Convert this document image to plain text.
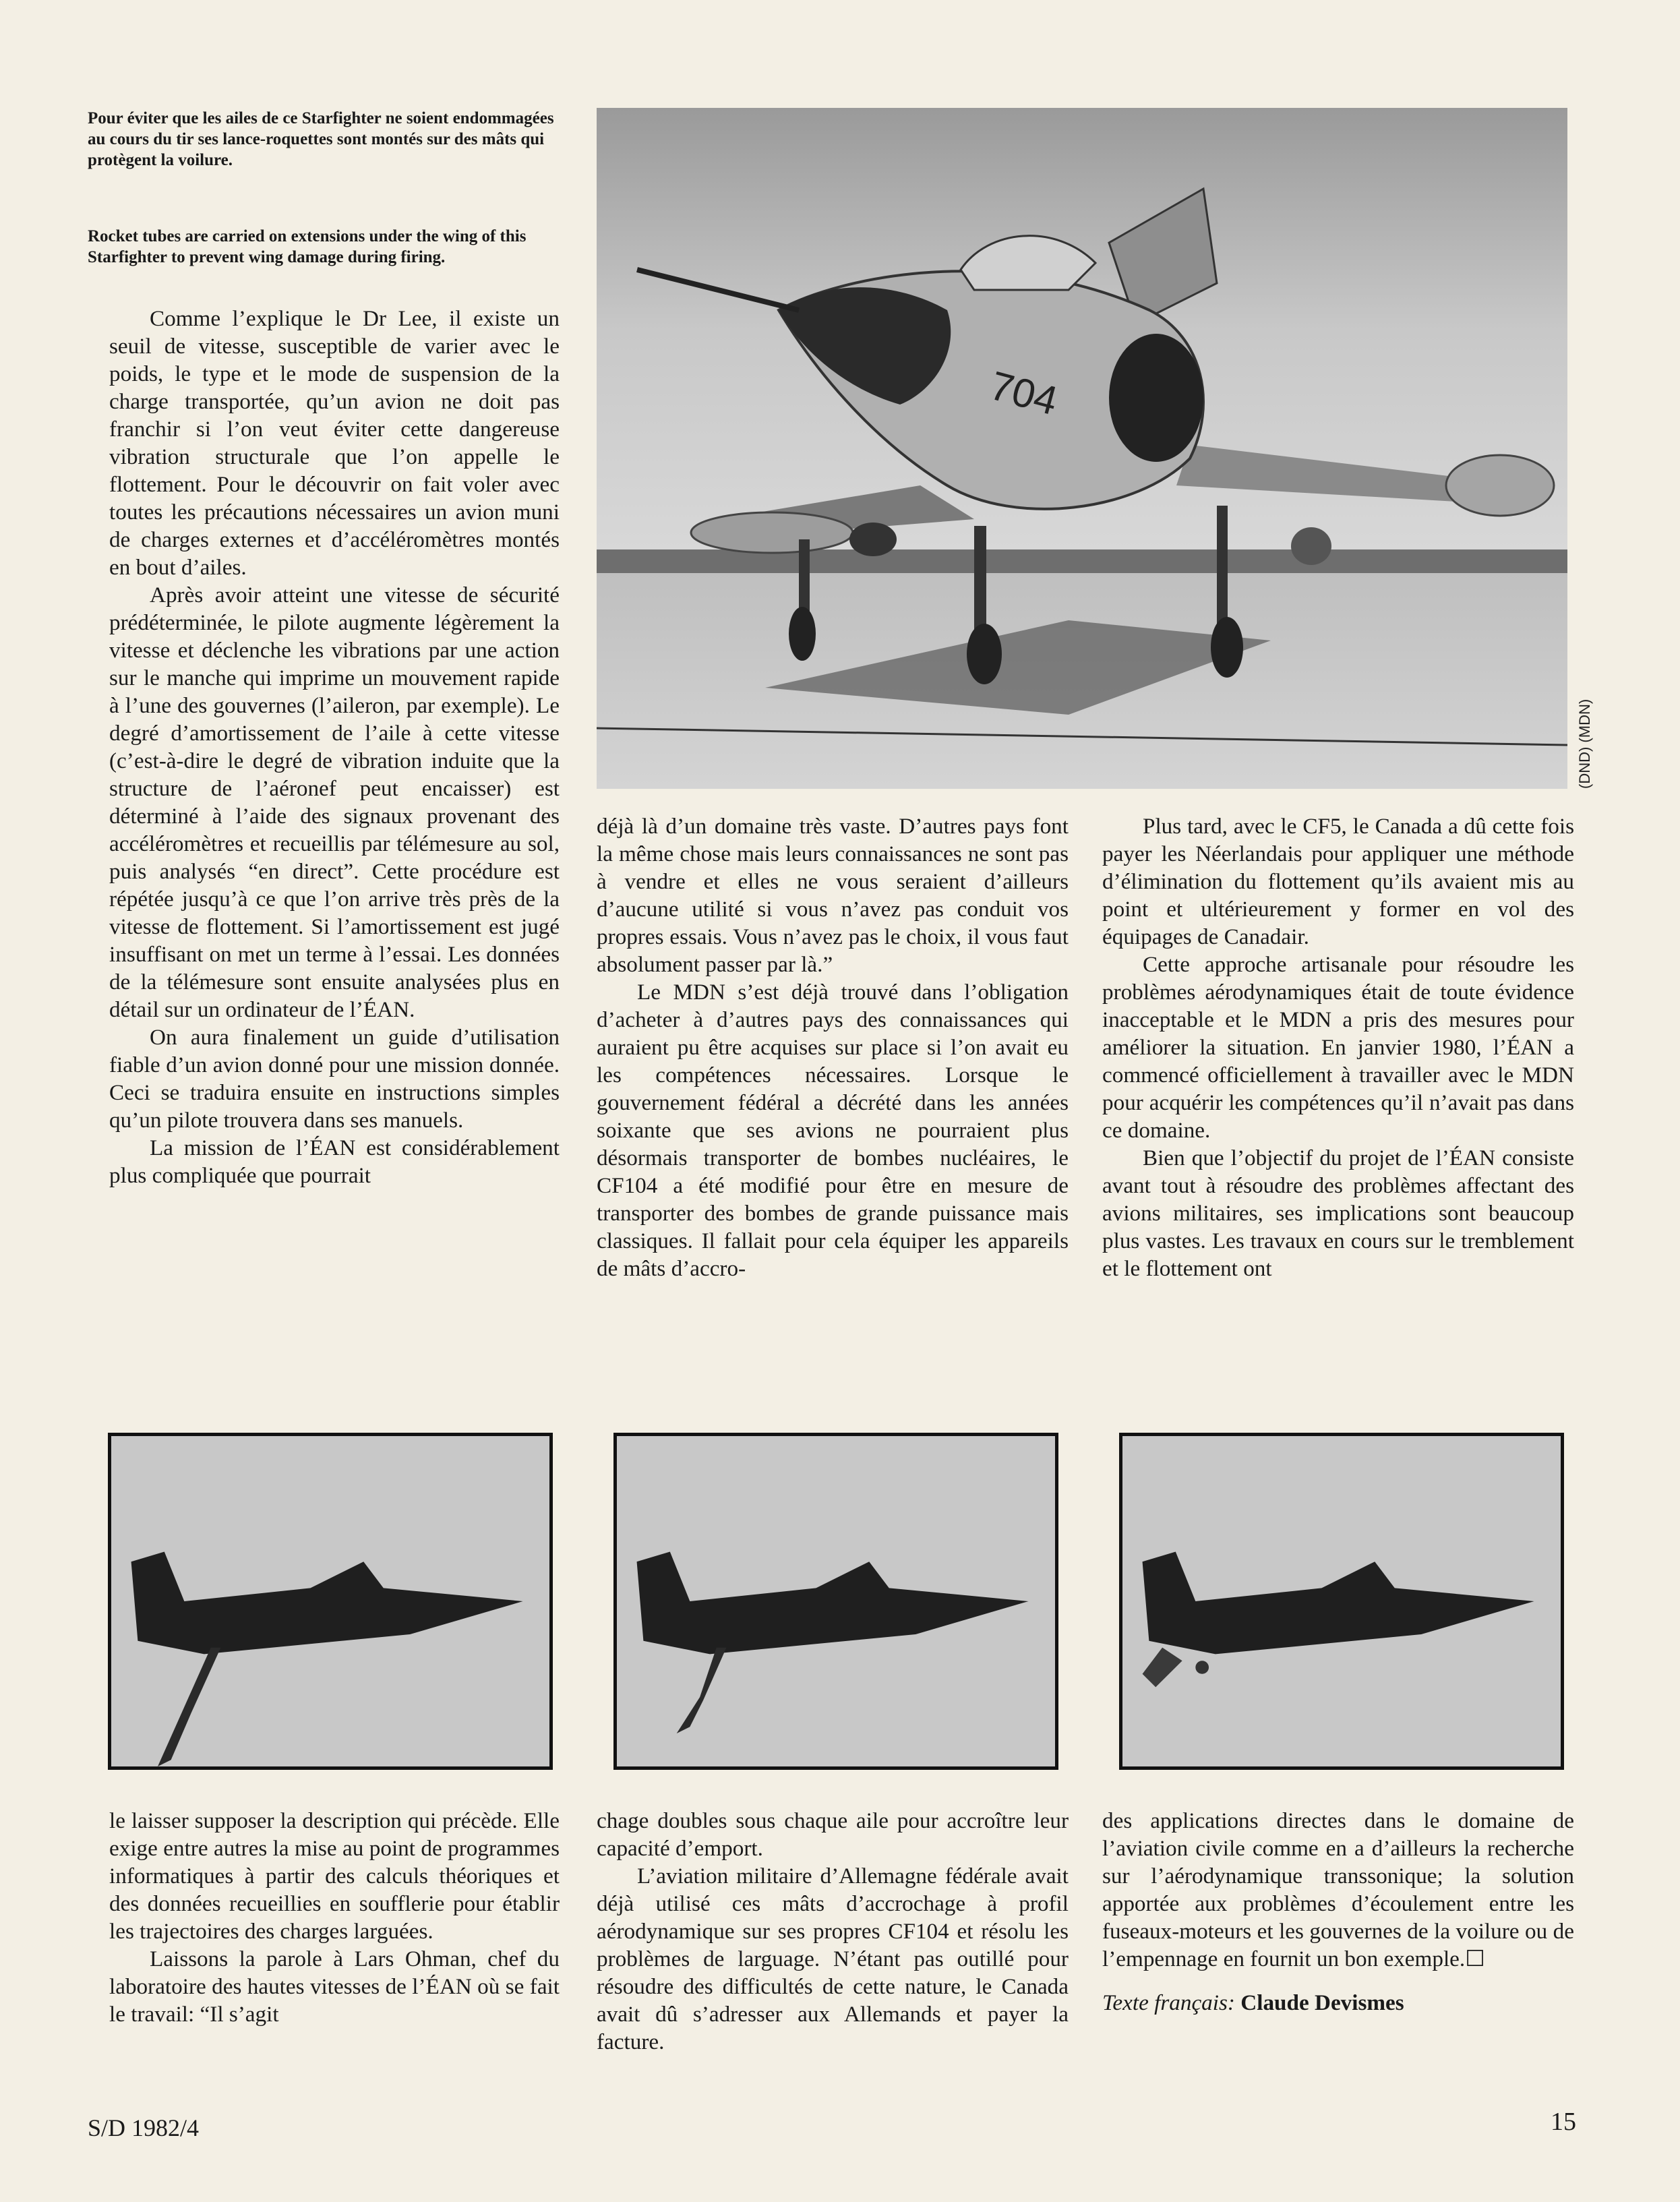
Pour éviter que les ailes de ce Starfighter ne soient endommagées au cours du tir ses lance-roquettes sont montés sur des mâts qui protègent la voilure.
Rocket tubes are carried on extensions under the wing of this Starfighter to prevent wing damage during firing.
704
(DND) (MDN)

Comme l’explique le Dr Lee, il existe un seuil de vitesse, susceptible de varier avec le poids, le type et le mode de suspension de la charge transportée, qu’un avion ne doit pas franchir si l’on veut éviter cette dangereuse vibration structurale que l’on appelle le flottement. Pour le découvrir on fait voler avec toutes les précautions nécessaires un avion muni de charges externes et d’accéléromètres montés en bout d’ailes.

Après avoir atteint une vitesse de sécurité prédéterminée, le pilote augmente légèrement la vitesse et déclenche les vibrations par une action sur le manche qui imprime un mouvement rapide à l’une des gouvernes (l’aileron, par exemple). Le degré d’amortissement de l’aile à cette vitesse (c’est-à-dire le degré de vibration induite que la structure de l’aéronef peut encaisser) est déterminé à l’aide des signaux provenant des accéléromètres et recueillis par télémesure au sol, puis analysés “en direct”. Cette procédure est répétée jusqu’à ce que l’on arrive très près de la vitesse de flottement. Si l’amortissement est jugé insuffisant on met un terme à l’essai. Les données de la télémesure sont ensuite analysées plus en détail sur un ordinateur de l’ÉAN.

On aura finalement un guide d’utilisation fiable d’un avion donné pour une mission donnée. Ceci se traduira ensuite en instructions simples qu’un pilote trouvera dans ses manuels.

La mission de l’ÉAN est considérablement plus compliquée que pourrait

déjà là d’un domaine très vaste. D’autres pays font la même chose mais leurs connaissances ne sont pas à vendre et elles ne vous seraient d’ailleurs d’aucune utilité si vous n’avez pas conduit vos propres essais. Vous n’avez pas le choix, il vous faut absolument passer par là.”

Le MDN s’est déjà trouvé dans l’obligation d’acheter à d’autres pays des connaissances qui auraient pu être acquises sur place si l’on avait eu les compétences nécessaires. Lorsque le gouvernement fédéral a décrété dans les années soixante que ses avions ne pourraient plus désormais transporter de bombes nucléaires, le CF104 a été modifié pour être en mesure de transporter des bombes de grande puissance mais classiques. Il fallait pour cela équiper les appareils de mâts d’accro-

Plus tard, avec le CF5, le Canada a dû cette fois payer les Néerlandais pour appliquer une méthode d’élimination du flottement qu’ils avaient mis au point et ultérieurement y former en vol des équipages de Canadair.

Cette approche artisanale pour résoudre les problèmes aérodynamiques était de toute évidence inacceptable et le MDN a pris des mesures pour améliorer la situation. En janvier 1980, l’ÉAN a commencé officiellement à travailler avec le MDN pour acquérir les compétences qu’il n’avait pas dans ce domaine.

Bien que l’objectif du projet de l’ÉAN consiste avant tout à résoudre des problèmes affectant des avions militaires, ses implications sont beaucoup plus vastes. Les travaux en cours sur le tremblement et le flottement ont

le laisser supposer la description qui précède. Elle exige entre autres la mise au point de programmes informatiques à partir des calculs théoriques et des données recueillies en soufflerie pour établir les trajectoires des charges larguées.

Laissons la parole à Lars Ohman, chef du laboratoire des hautes vitesses de l’ÉAN où se fait le travail: “Il s’agit

chage doubles sous chaque aile pour accroître leur capacité d’emport.

L’aviation militaire d’Allemagne fédérale avait déjà utilisé ces mâts d’accrochage à profil aérodynamique sur ses propres CF104 et résolu les problèmes de larguage. N’étant pas outillé pour résoudre des difficultés de cette nature, le Canada avait dû s’adresser aux Allemands et payer la facture.

des applications directes dans le domaine de l’aviation civile comme en a d’ailleurs la recherche sur l’aérodynamique transsonique; la solution apportée aux problèmes d’écoulement entre les fuseaux-moteurs et les gouvernes de la voilure ou de l’empennage en fournit un bon exemple.☐

Texte français: Claude Devismes

S/D 1982/4	15
